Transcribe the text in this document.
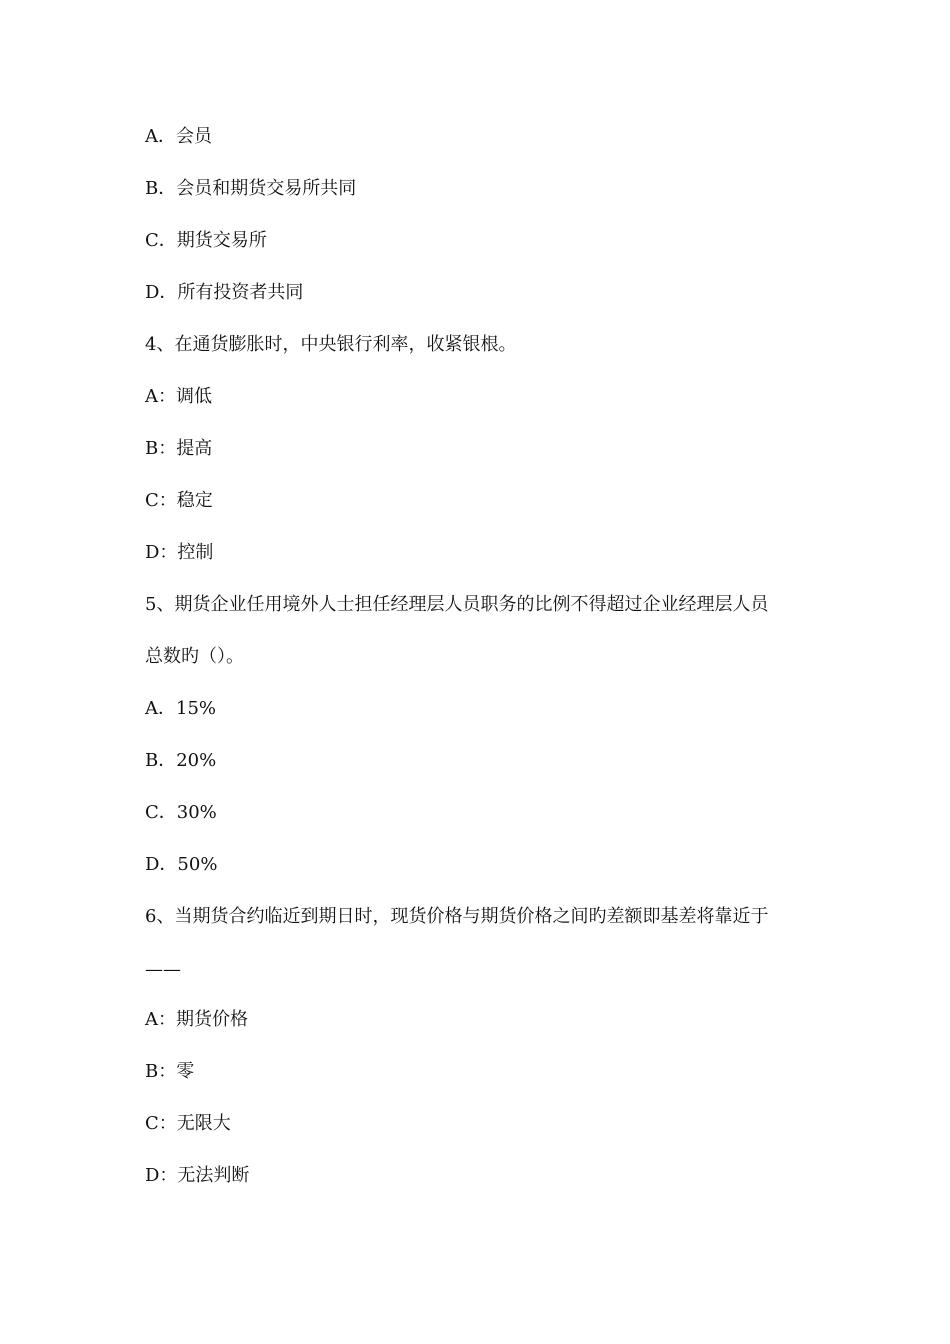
A．会员
B．会员和期货交易所共同
C．期货交易所
D．所有投资者共同
4、在通货膨胀时，中央银行利率，收紧银根。
A：调低
B：提高
C：稳定
D：控制
5、期货企业任用境外人士担任经理层人员职务的比例不得超过企业经理层人员
总数旳（）。
A．15%
B．20%
C．30%
D．50%
6、当期货合约临近到期日时，现货价格与期货价格之间旳差额即基差将靠近于
——
A：期货价格
B：零
C：无限大
D：无法判断
